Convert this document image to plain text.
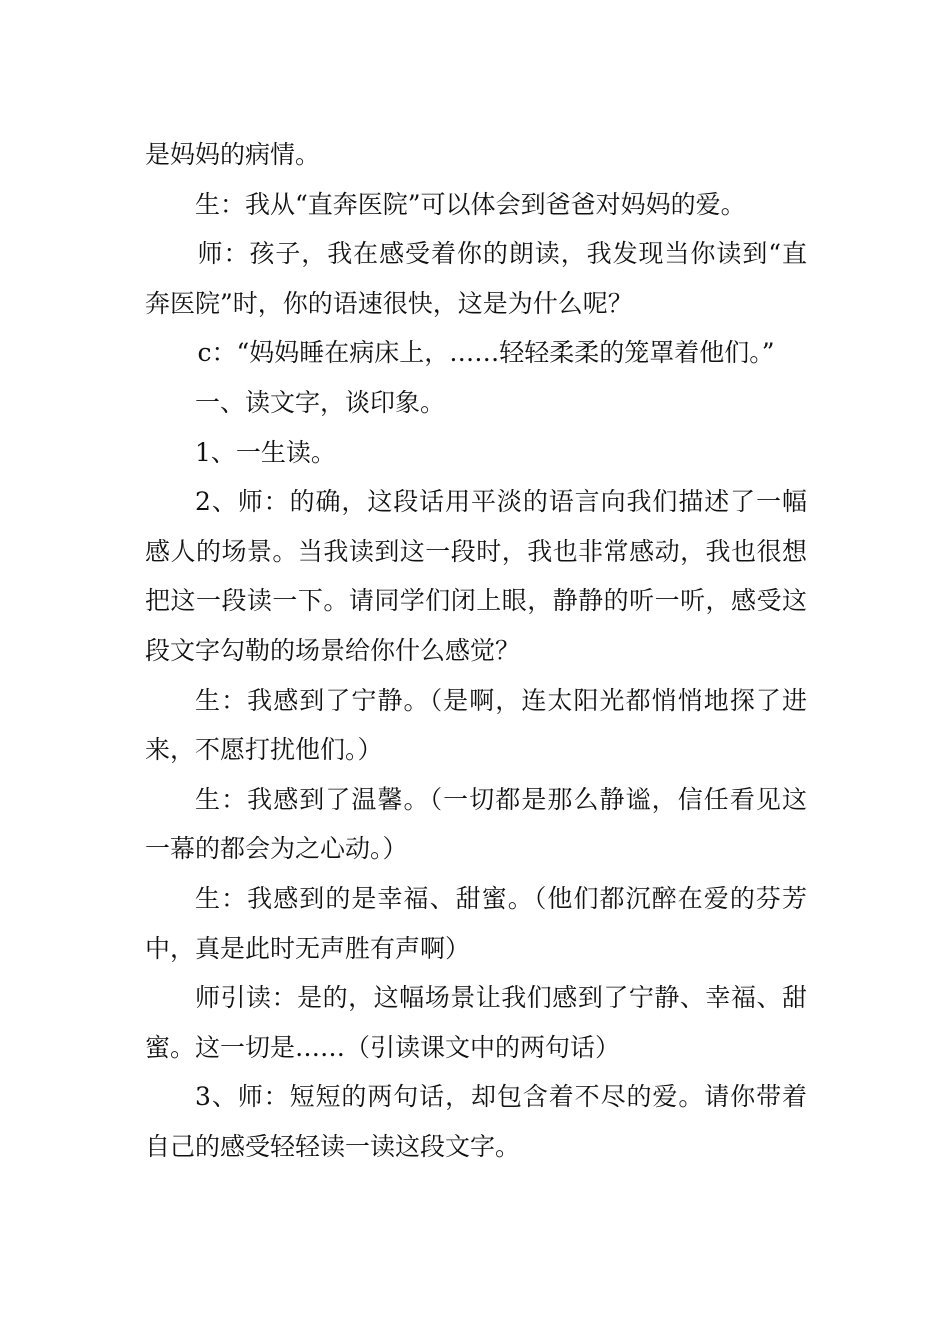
是妈妈的病情。

生：我从“直奔医院”可以体会到爸爸对妈妈的爱。

师：孩子，我在感受着你的朗读，我发现当你读到“直奔医院”时，你的语速很快，这是为什么呢？

c：“妈妈睡在病床上，……轻轻柔柔的笼罩着他们。”

一、读文字，谈印象。

1、一生读。

2、师：的确，这段话用平淡的语言向我们描述了一幅感人的场景。当我读到这一段时，我也非常感动，我也很想把这一段读一下。请同学们闭上眼，静静的听一听，感受这段文字勾勒的场景给你什么感觉？

生：我感到了宁静。（是啊，连太阳光都悄悄地探了进来，不愿打扰他们。）

生：我感到了温馨。（一切都是那么静谧，信任看见这一幕的都会为之心动。）

生：我感到的是幸福、甜蜜。（他们都沉醉在爱的芬芳中，真是此时无声胜有声啊）

师引读：是的，这幅场景让我们感到了宁静、幸福、甜蜜。这一切是……（引读课文中的两句话）

3、师：短短的两句话，却包含着不尽的爱。请你带着自己的感受轻轻读一读这段文字。
